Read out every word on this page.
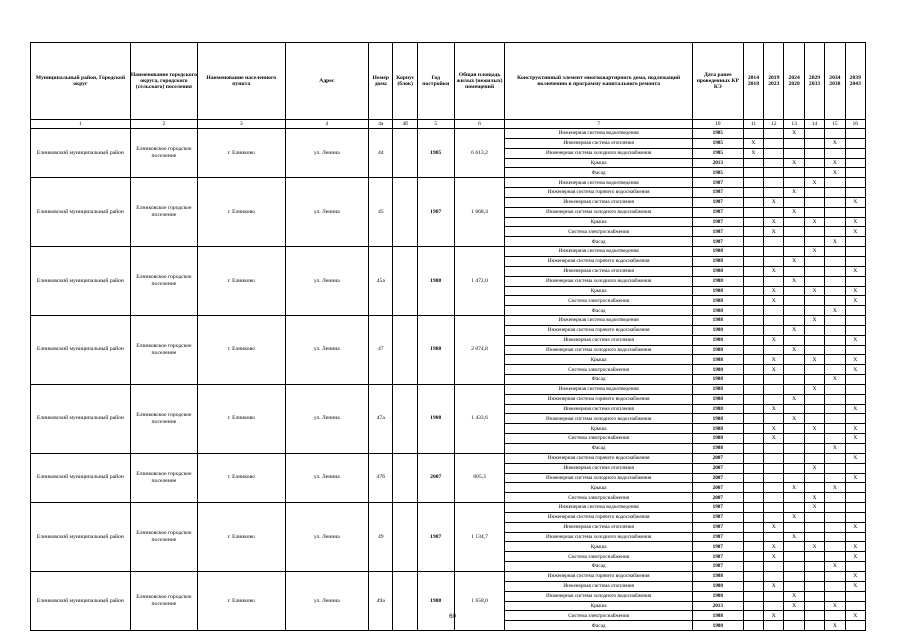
Муниципальный район, Городской округ	Наименование городского округа, городского (сельского) поселения	Наименование населенного пункта	Адрес	Номер дома	Корпус (блок)	Год постройки	Общая площадь жилых (нежилых) помещений	Конструктивный элемент многоквартирного дома, подлежащий включению в программу капитального ремонта	Дата ранее проведенных КР КЭ	2014 2018	2019 2023	2024 2028	2029 2033	2034 2038	2039 2043
1	2	3	4	4а	4б	5	6	7	10	11	12	13	14	15	16
Елниковский муниципальный район	Елниковское городское поселение	г. Елниково	ул. Ленина	44		1985	6 613,2	Инженерная система водоотведения	1985			X			
								Инженерная система отопления	1985	X				X	
								Инженерная система холодного водоснабжения	1985	X					
								Крыша	2013			X		X	
								Фасад	1985					X	
Елниковский муниципальный район	Елниковское городское поселение	г. Елниково	ул. Ленина	45		1987	1 668,4	Инженерная система водоотведения	1987				X		
								Инженерная система горячего водоснабжения	1987			X			
								Инженерная система отопления	1987		X				X
								Инженерная система холодного водоснабжения	1987			X			
								Крыша	1987		X		X		X
								Система электроснабжения	1987		X				X
								Фасад	1987					X	
Елниковский муниципальный район	Елниковское городское поселение	г. Елниково	ул. Ленина	45а		1988	1 472,0	Инженерная система водоотведения	1988				X		
								Инженерная система горячего водоснабжения	1988			X			
								Инженерная система отопления	1988		X				X
								Инженерная система холодного водоснабжения	1988			X			
								Крыша	1988		X		X		X
								Система электроснабжения	1988		X				X
								Фасад	1988					X	
Елниковский муниципальный район	Елниковское городское поселение	г. Елниково	ул. Ленина	47		1988	2 074,8	Инженерная система водоотведения	1988				X		
								Инженерная система горячего водоснабжения	1988			X			
								Инженерная система отопления	1988		X				X
								Инженерная система холодного водоснабжения	1988			X			
								Крыша	1988		X		X		X
								Система электроснабжения	1988		X				X
								Фасад	1988					X	
Елниковский муниципальный район	Елниковское городское поселение	г. Елниково	ул. Ленина	47а		1988	1 433,6	Инженерная система водоотведения	1988				X		
								Инженерная система горячего водоснабжения	1988			X			
								Инженерная система отопления	1988		X				X
								Инженерная система холодного водоснабжения	1988			X			
								Крыша	1988		X		X		X
								Система электроснабжения	1988		X				X
								Фасад	1988					X	
Елниковский муниципальный район	Елниковское городское поселение	г. Елниково	ул. Ленина	47б		2007	805,3	Инженерная система горячего водоснабжения	2007						X
								Инженерная система отопления	2007				X		
								Инженерная система холодного водоснабжения	2007						X
								Крыша	2007			X		X	
								Система электроснабжения	2007				X		
Елниковский муниципальный район	Елниковское городское поселение	г. Елниково	ул. Ленина	49		1987	1 134,7	Инженерная система водоотведения	1987				X		
								Инженерная система горячего водоснабжения	1987			X			
								Инженерная система отопления	1987		X				X
								Инженерная система холодного водоснабжения	1987			X			
								Крыша	1987		X		X		X
								Система электроснабжения	1987		X				X
								Фасад	1987					X	
Елниковский муниципальный район	Елниковское городское поселение	г. Елниково	ул. Ленина	49а		1988	1 658,0	Инженерная система горячего водоснабжения	1988						X
								Инженерная система отопления	1988		X				X
								Инженерная система холодного водоснабжения	1988			X			
								Крыша	2013			X		X	
								Система электроснабжения	1988		X				X
								Фасад	1988					X	
60
